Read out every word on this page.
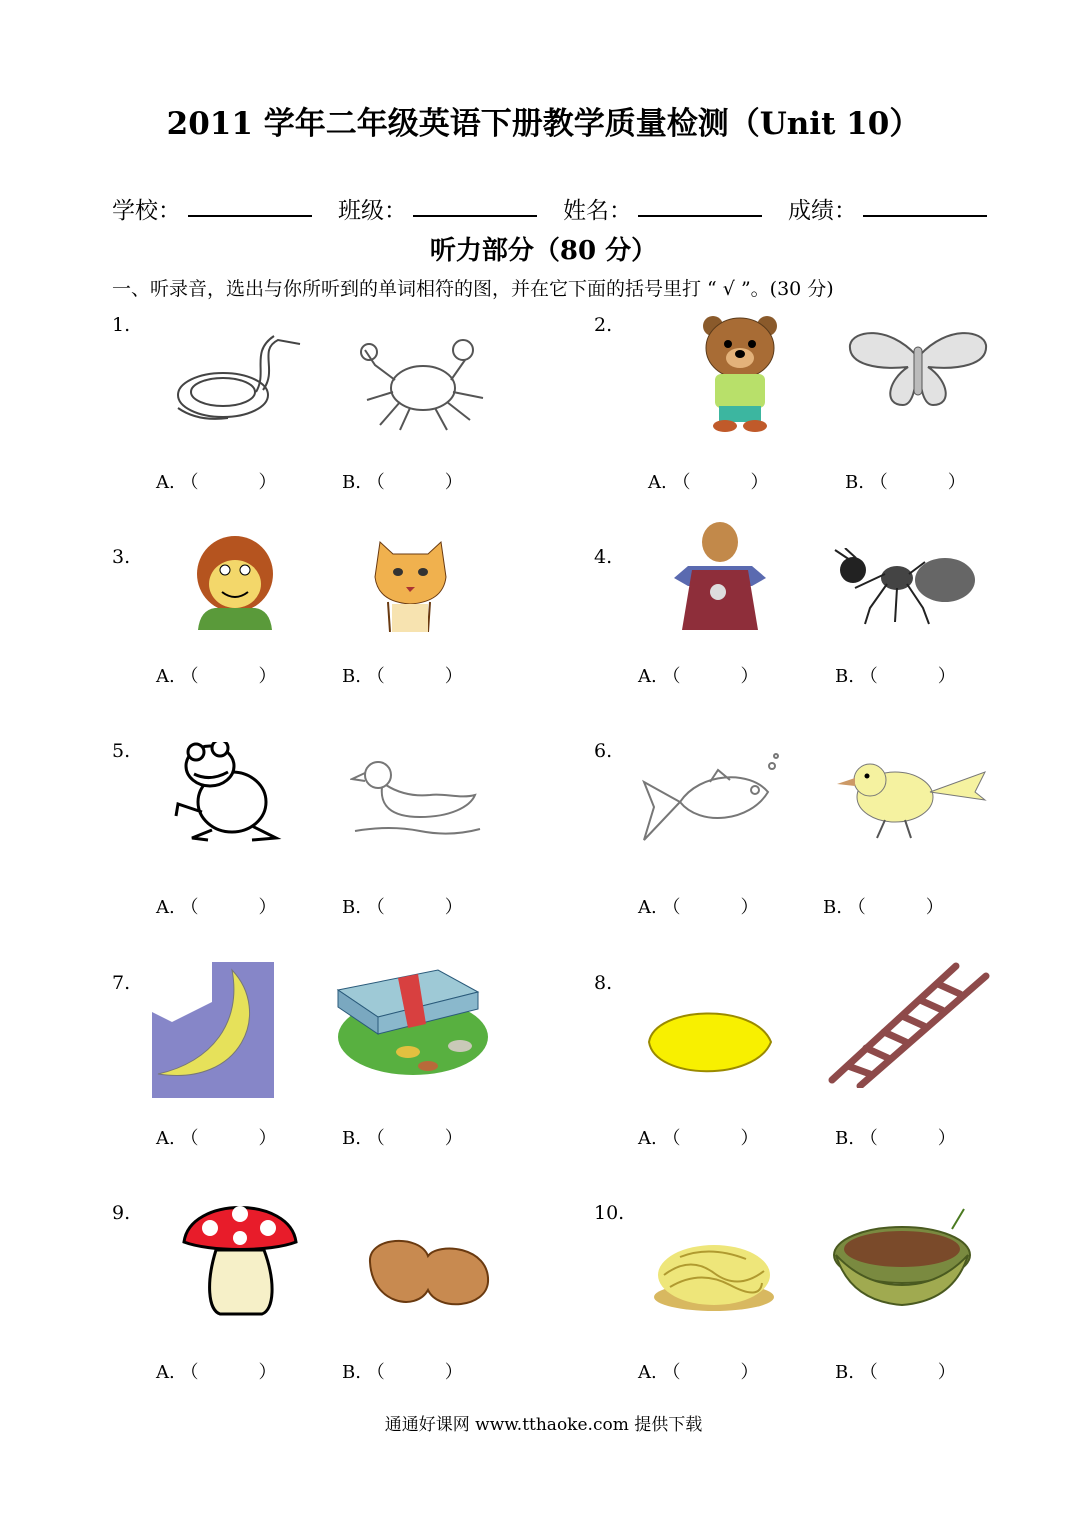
2011 学年二年级英语下册教学质量检测（Unit 10）
学校：	班级：	姓名：	成绩：
听力部分（80 分）
一、听录音，选出与你所听到的单词相符的图，并在它下面的括号里打 “ √ ”。(30 分)
1.
A. （	）	B. （	）
2.
A. （	）	B. （	）
3.
A. （	）	B. （	）
4.
A. （	）	B. （	）
5.
A. （	）	B. （	）
6.
A. （	）	B. （	）
7.
A. （	）	B. （	）
8.
A. （	）	B. （	）
9.
A. （	）	B. （	）
10.
A. （	）	B. （	）
通通好课网 www.tthaoke.com 提供下载
